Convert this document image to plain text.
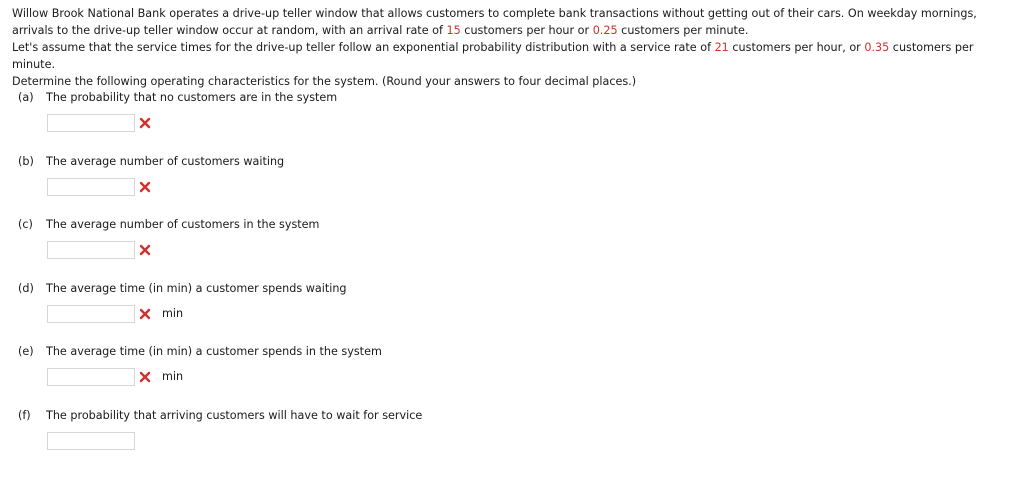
Willow Brook National Bank operates a drive-up teller window that allows customers to complete bank transactions without getting out of their cars. On weekday mornings, arrivals to the drive-up teller window occur at random, with an arrival rate of 15 customers per hour or 0.25 customers per minute.

Let's assume that the service times for the drive-up teller follow an exponential probability distribution with a service rate of 21 customers per hour, or 0.35 customers per minute.

Determine the following operating characteristics for the system. (Round your answers to four decimal places.)

(a) The probability that no customers are in the system
(b) The average number of customers waiting
(c) The average number of customers in the system
(d) The average time (in min) a customer spends waiting
min
(e) The average time (in min) a customer spends in the system
min
(f) The probability that arriving customers will have to wait for service
